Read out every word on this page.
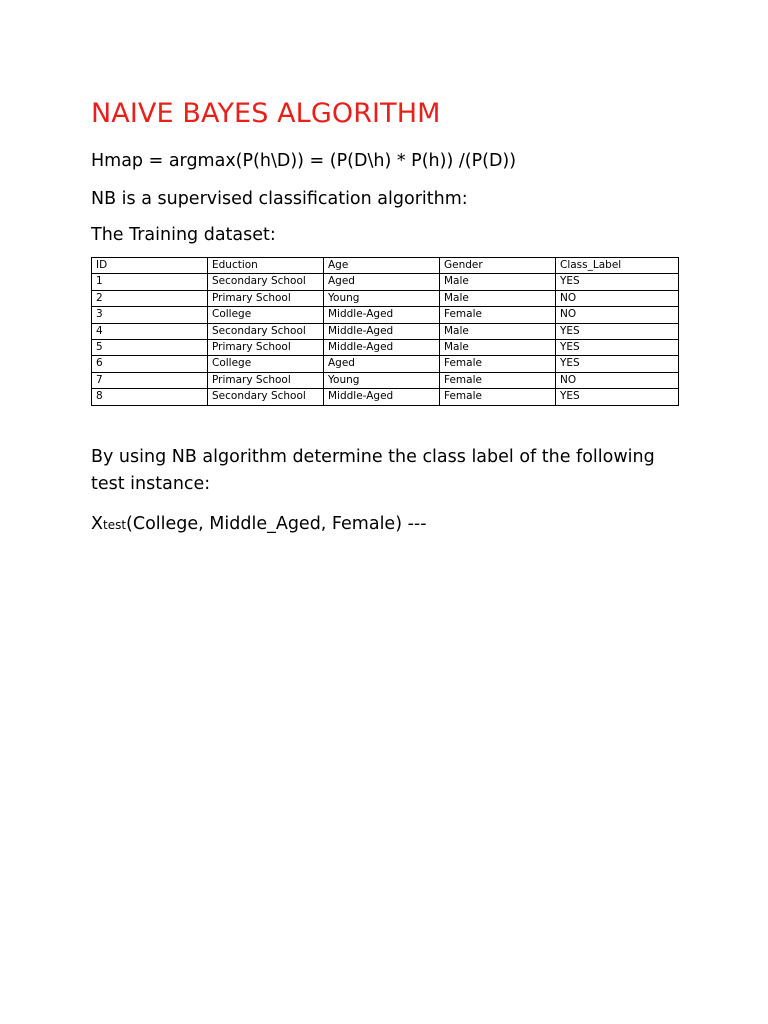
NAIVE BAYES ALGORITHM
Hmap = argmax(P(h\D)) = (P(D\h) * P(h)) /(P(D))
NB is a supervised classification algorithm:
The Training dataset:
ID	Eduction	Age	Gender	Class_Label
1	Secondary School	Aged	Male	YES
2	Primary School	Young	Male	NO
3	College	Middle-Aged	Female	NO
4	Secondary School	Middle-Aged	Male	YES
5	Primary School	Middle-Aged	Male	YES
6	College	Aged	Female	YES
7	Primary School	Young	Female	NO
8	Secondary School	Middle-Aged	Female	YES
By using NB algorithm determine the class label of the following test instance:
Xtest(College, Middle_Aged, Female) ---
